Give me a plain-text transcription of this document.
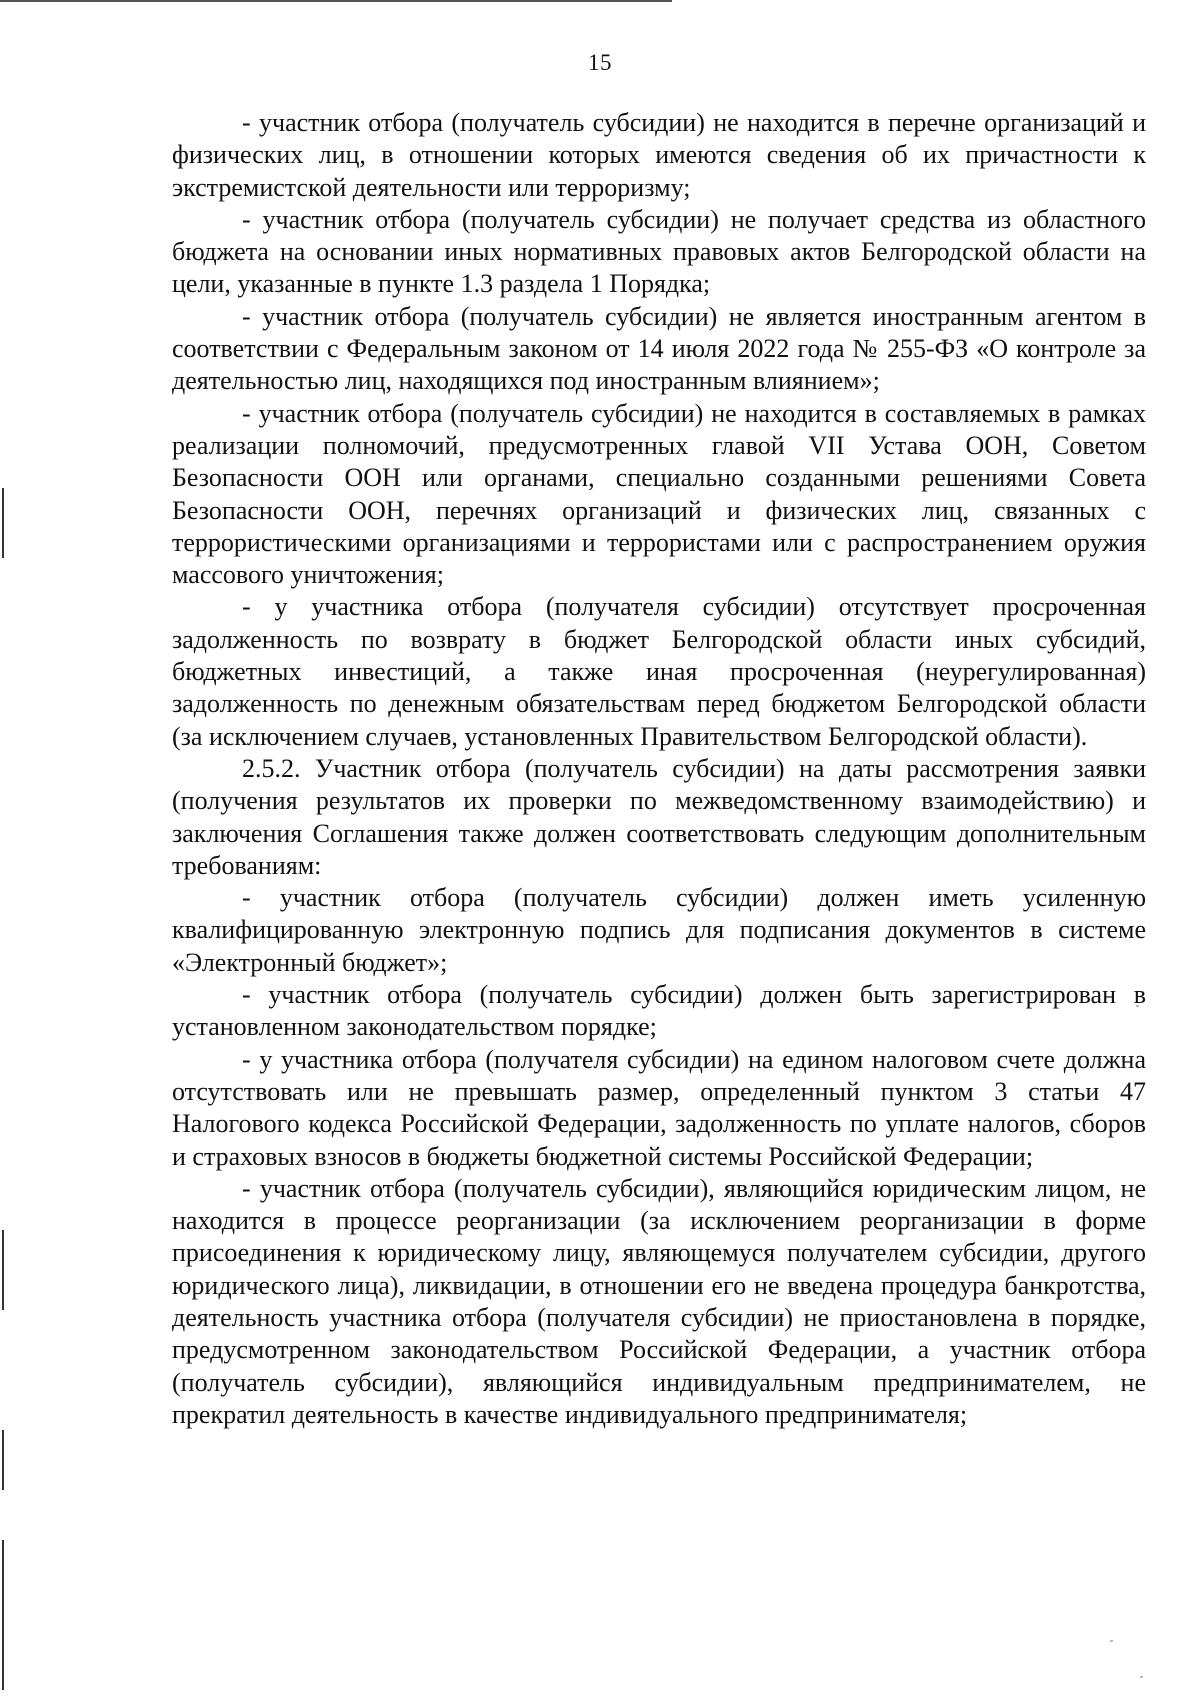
15

- участник отбора (получатель субсидии) не находится в перечне организаций и физических лиц, в отношении которых имеются сведения об их причастности к экстремистской деятельности или терроризму;

- участник отбора (получатель субсидии) не получает средства из областного бюджета на основании иных нормативных правовых актов Белгородской области на цели, указанные в пункте 1.3 раздела 1 Порядка;

- участник отбора (получатель субсидии) не является иностранным агентом в соответствии с Федеральным законом от 14 июля 2022 года № 255-ФЗ «О контроле за деятельностью лиц, находящихся под иностранным влиянием»;

- участник отбора (получатель субсидии) не находится в составляемых в рамках реализации полномочий, предусмотренных главой VII Устава ООН, Советом Безопасности ООН или органами, специально созданными решениями Совета Безопасности ООН, перечнях организаций и физических лиц, связанных с террористическими организациями и террористами или с распространением оружия массового уничтожения;

- у участника отбора (получателя субсидии) отсутствует просроченная задолженность по возврату в бюджет Белгородской области иных субсидий, бюджетных инвестиций, а также иная просроченная (неурегулированная) задолженность по денежным обязательствам перед бюджетом Белгородской области (за исключением случаев, установленных Правительством Белгородской области).

2.5.2. Участник отбора (получатель субсидии) на даты рассмотрения заявки (получения результатов их проверки по межведомственному взаимодействию) и заключения Соглашения также должен соответствовать следующим дополнительным требованиям:

- участник отбора (получатель субсидии) должен иметь усиленную квалифицированную электронную подпись для подписания документов в системе «Электронный бюджет»;

- участник отбора (получатель субсидии) должен быть зарегистрирован в установленном законодательством порядке;

- у участника отбора (получателя субсидии) на едином налоговом счете должна отсутствовать или не превышать размер, определенный пунктом 3 статьи 47 Налогового кодекса Российской Федерации, задолженность по уплате налогов, сборов и страховых взносов в бюджеты бюджетной системы Российской Федерации;

- участник отбора (получатель субсидии), являющийся юридическим лицом, не находится в процессе реорганизации (за исключением реорганизации в форме присоединения к юридическому лицу, являющемуся получателем субсидии, другого юридического лица), ликвидации, в отношении его не введена процедура банкротства, деятельность участника отбора (получателя субсидии) не приостановлена в порядке, предусмотренном законодательством Российской Федерации, а участник отбора (получатель субсидии), являющийся индивидуальным предпринимателем, не прекратил деятельность в качестве индивидуального предпринимателя;
